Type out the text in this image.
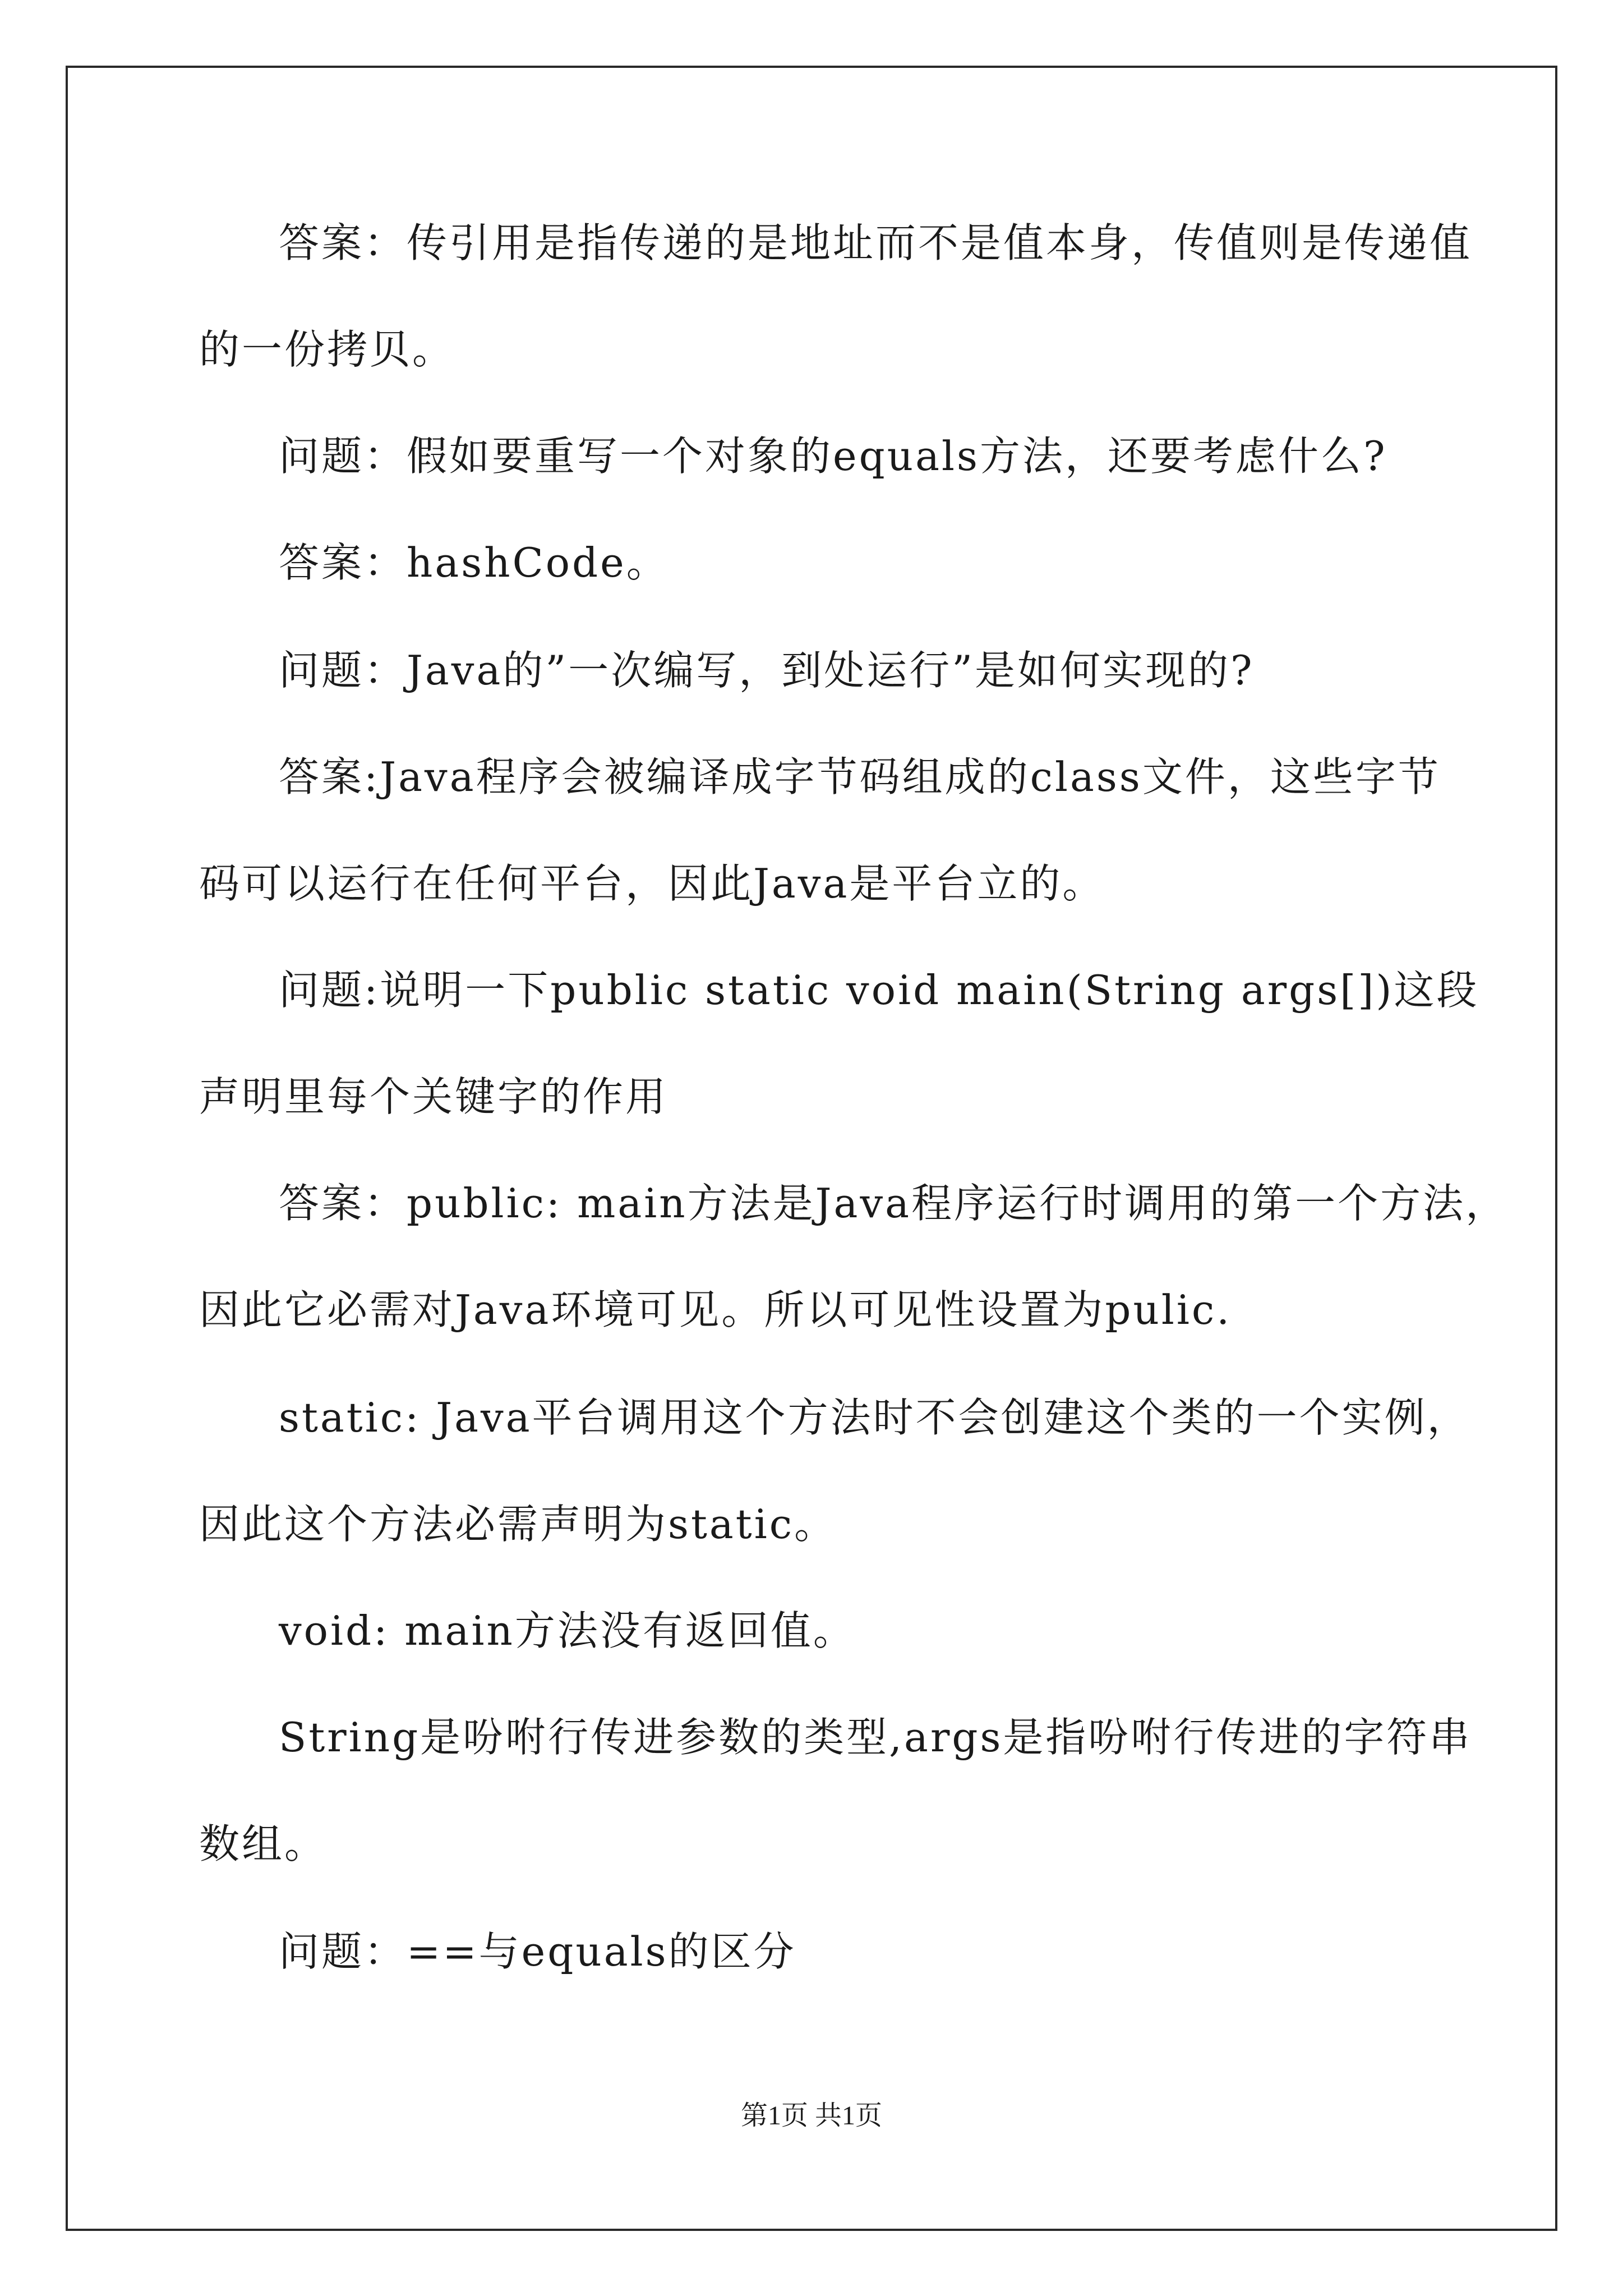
答案：传引用是指传递的是地址而不是值本身，传值则是传递值
的一份拷贝。
问题：假如要重写一个对象的equals方法，还要考虑什么?
答案：hashCode。
问题：Java的”一次编写，到处运行”是如何实现的?
答案:Java程序会被编译成字节码组成的class文件，这些字节
码可以运行在任何平台，因此Java是平台立的。
问题:说明一下public static void main(String args[])这段
声明里每个关键字的作用
答案：public: main方法是Java程序运行时调用的第一个方法，
因此它必需对Java环境可见。所以可见性设置为pulic.
static: Java平台调用这个方法时不会创建这个类的一个实例，
因此这个方法必需声明为static。
void: main方法没有返回值。
String是吩咐行传进参数的类型,args是指吩咐行传进的字符串
数组。
问题：==与equals的区分
第1页 共1页
